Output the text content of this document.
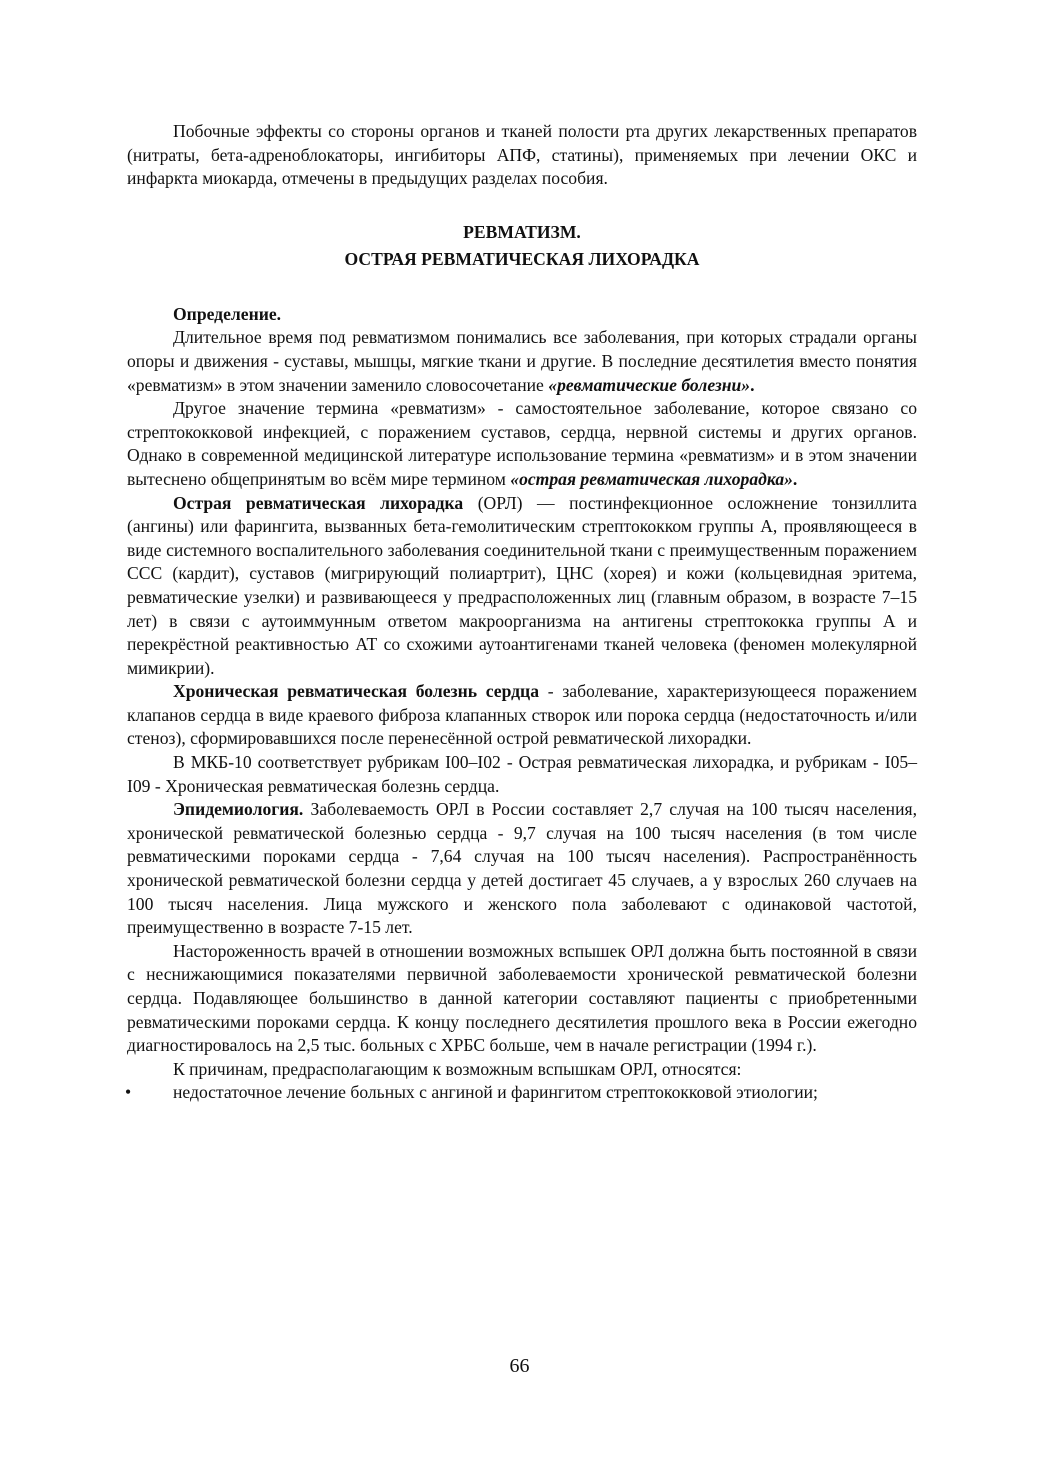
Побочные эффекты со стороны органов и тканей полости рта других лекарственных препаратов (нитраты, бета-адреноблокаторы, ингибиторы АПФ, статины), применяемых при лечении ОКС и инфаркта миокарда, отмечены в предыдущих разделах пособия.

РЕВМАТИЗМ.

ОСТРАЯ РЕВМАТИЧЕСКАЯ ЛИХОРАДКА

Определение.

Длительное время под ревматизмом понимались все заболевания, при которых страдали органы опоры и движения - суставы, мышцы, мягкие ткани и другие. В последние десятилетия вместо понятия «ревматизм» в этом значении заменило словосочетание «ревматические болезни».

Другое значение термина «ревматизм» - самостоятельное заболевание, которое связано со стрептококковой инфекцией, с поражением суставов, сердца, нервной системы и других органов. Однако в современной медицинской литературе использование термина «ревматизм» и в этом значении вытеснено общепринятым во всём мире термином «острая ревматическая лихорадка».

Острая ревматическая лихорадка (ОРЛ) — постинфекционное осложнение тонзиллита (ангины) или фарингита, вызванных бета-гемолитическим стрептококком группы А, проявляющееся в виде системного воспалительного заболевания соединительной ткани с преимущественным поражением ССС (кардит), суставов (мигрирующий полиартрит), ЦНС (хорея) и кожи (кольцевидная эритема, ревматические узелки) и развивающееся у предрасположенных лиц (главным образом, в возрасте 7–15 лет) в связи с аутоиммунным ответом макроорганизма на антигены стрептококка группы А и перекрёстной реактивностью АТ со схожими аутоантигенами тканей человека (феномен молекулярной мимикрии).

Хроническая ревматическая болезнь сердца - заболевание, характеризующееся поражением клапанов сердца в виде краевого фиброза клапанных створок или порока сердца (недостаточность и/или стеноз), сформировавшихся после перенесённой острой ревматической лихорадки.

В МКБ-10 соответствует рубрикам I00–I02 - Острая ревматическая лихорадка, и рубрикам - I05–I09 - Хроническая ревматическая болезнь сердца.

Эпидемиология. Заболеваемость ОРЛ в России составляет 2,7 случая на 100 тысяч населения, хронической ревматической болезнью сердца - 9,7 случая на 100 тысяч населения (в том числе ревматическими пороками сердца - 7,64 случая на 100 тысяч населения). Распространённость хронической ревматической болезни сердца у детей достигает 45 случаев, а у взрослых 260 случаев на 100 тысяч населения. Лица мужского и женского пола заболевают с одинаковой частотой, преимущественно в возрасте 7-15 лет.

Настороженность врачей в отношении возможных вспышек ОРЛ должна быть постоянной в связи с неснижающимися показателями первичной заболеваемости хронической ревматической болезни сердца. Подавляющее большинство в данной категории составляют пациенты с приобретенными ревматическими пороками сердца. К концу последнего десятилетия прошлого века в России ежегодно диагностировалось на 2,5 тыс. больных с ХРБС больше, чем в начале регистрации (1994 г.).

К причинам, предрасполагающим к возможным вспышкам ОРЛ, относятся:

• недостаточное лечение больных с ангиной и фарингитом стрептококковой этиологии;

66
